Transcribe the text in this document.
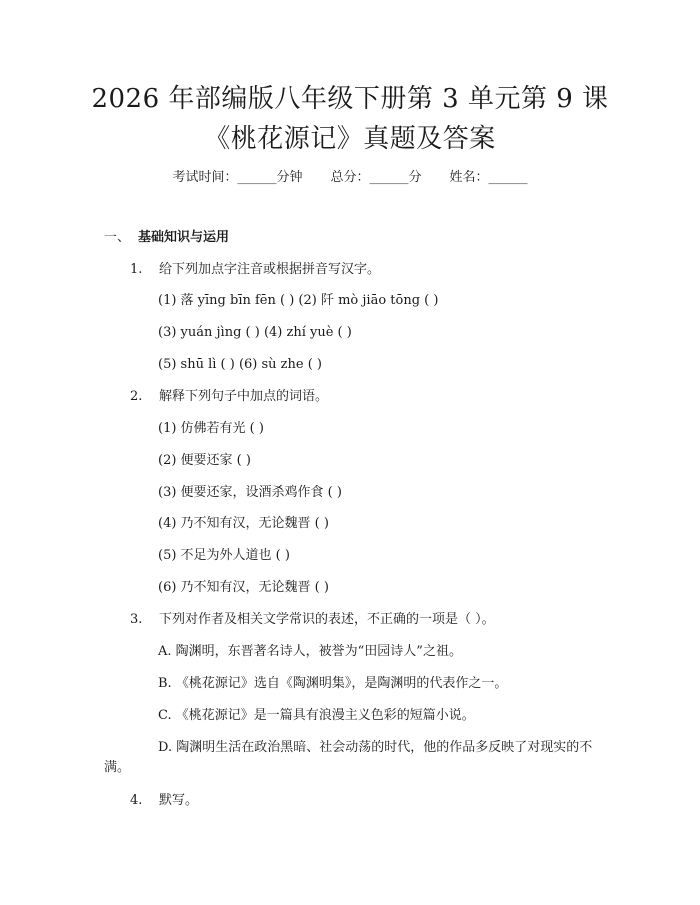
2026 年部编版八年级下册第 3 单元第 9 课
《桃花源记》真题及答案
考试时间：______分钟 总分：______分 姓名：______
一、 基础知识与运用
1. 给下列加点字注音或根据拼音写汉字。
(1) 落 yīng bīn fēn ( ) (2) 阡 mò jiāo tōng ( )
(3) yuán jìng ( ) (4) zhí yuè ( )
(5) shū lì ( ) (6) sù zhe ( )
2. 解释下列句子中加点的词语。
(1) 仿佛若有光 ( )
(2) 便要还家 ( )
(3) 便要还家，设酒杀鸡作食 ( )
(4) 乃不知有汉，无论魏晋 ( )
(5) 不足为外人道也 ( )
(6) 乃不知有汉，无论魏晋 ( )
3. 下列对作者及相关文学常识的表述，不正确的一项是（ ）。
A. 陶渊明，东晋著名诗人，被誉为“田园诗人”之祖。
B. 《桃花源记》选自《陶渊明集》，是陶渊明的代表作之一。
C. 《桃花源记》是一篇具有浪漫主义色彩的短篇小说。
D. 陶渊明生活在政治黑暗、社会动荡的时代，他的作品多反映了对现实的不满。
4. 默写。
